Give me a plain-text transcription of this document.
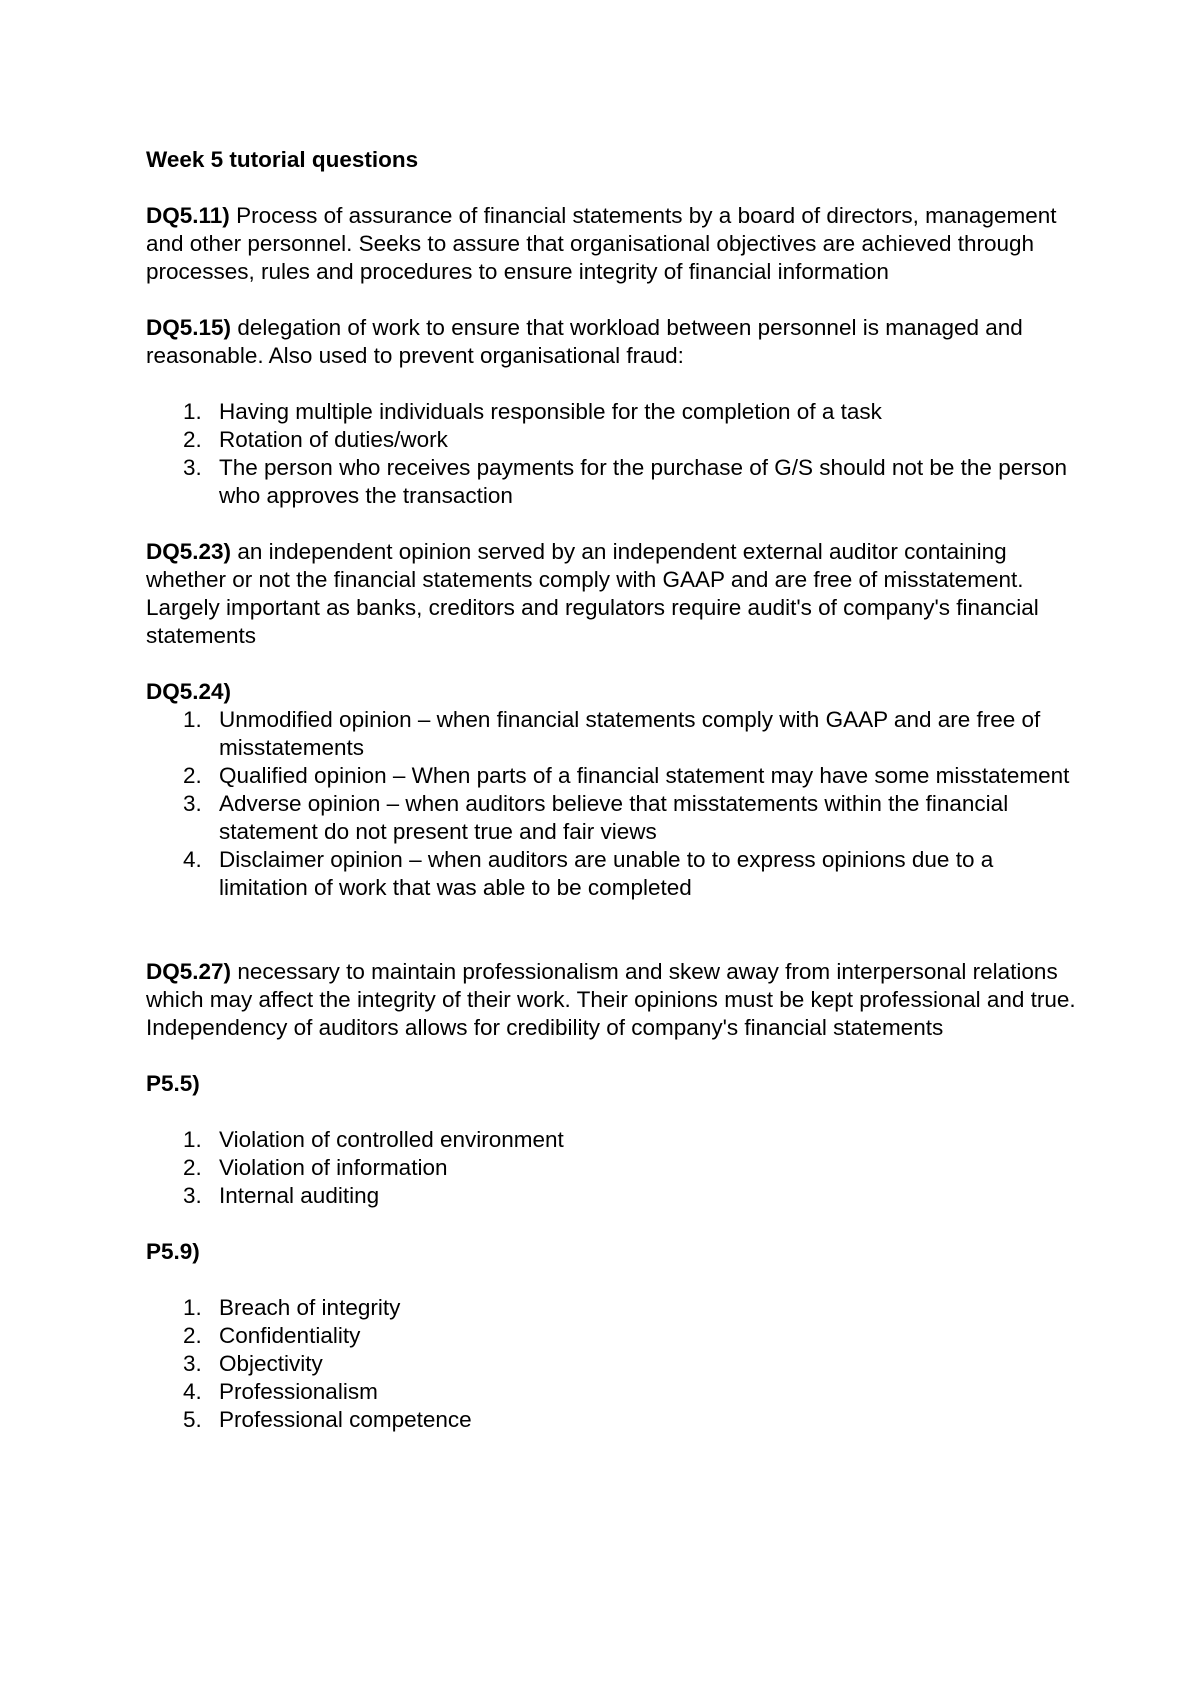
Week 5 tutorial questions

DQ5.11) Process of assurance of financial statements by a board of directors, management and other personnel. Seeks to assure that organisational objectives are achieved through processes, rules and procedures to ensure integrity of financial information

DQ5.15) delegation of work to ensure that workload between personnel is managed and reasonable. Also used to prevent organisational fraud:

1. Having multiple individuals responsible for the completion of a task
2. Rotation of duties/work
3. The person who receives payments for the purchase of G/S should not be the person who approves the transaction

DQ5.23) an independent opinion served by an independent external auditor containing whether or not the financial statements comply with GAAP and are free of misstatement. Largely important as banks, creditors and regulators require audit's of company's financial statements

DQ5.24)

1. Unmodified opinion – when financial statements comply with GAAP and are free of misstatements
2. Qualified opinion – When parts of a financial statement may have some misstatement
3. Adverse opinion – when auditors believe that misstatements within the financial statement do not present true and fair views
4. Disclaimer opinion – when auditors are unable to to express opinions due to a limitation of work that was able to be completed

DQ5.27) necessary to maintain professionalism and skew away from interpersonal relations which may affect the integrity of their work. Their opinions must be kept professional and true. Independency of auditors allows for credibility of company's financial statements

P5.5)

1. Violation of controlled environment
2. Violation of information
3. Internal auditing

P5.9)

1. Breach of integrity
2. Confidentiality
3. Objectivity
4. Professionalism
5. Professional competence
